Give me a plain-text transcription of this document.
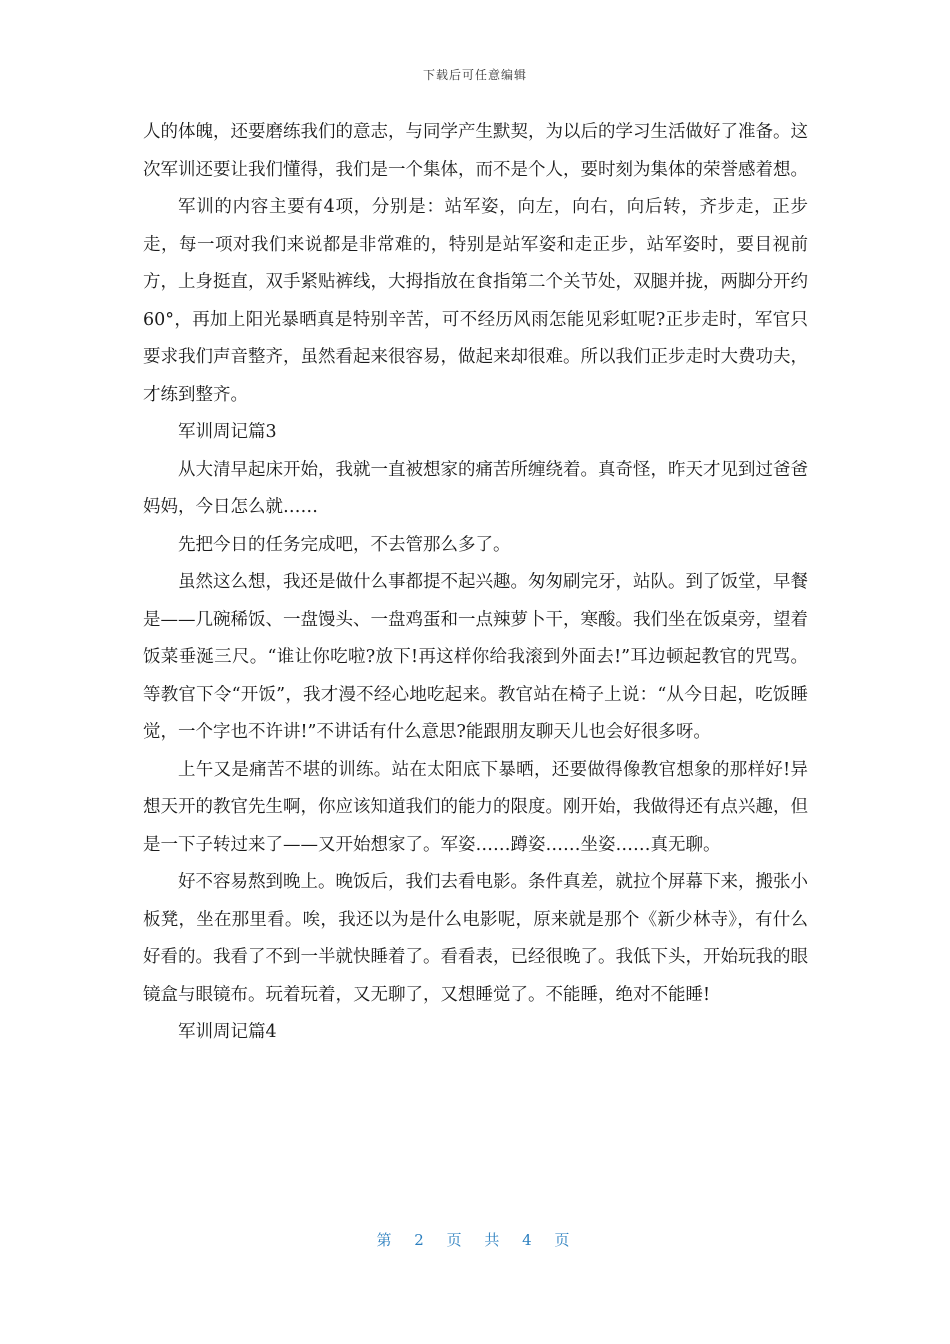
下载后可任意编辑

人的体魄，还要磨练我们的意志，与同学产生默契，为以后的学习生活做好了准备。这次军训还要让我们懂得，我们是一个集体，而不是个人，要时刻为集体的荣誉感着想。

军训的内容主要有4项，分别是：站军姿，向左，向右，向后转，齐步走，正步走，每一项对我们来说都是非常难的，特别是站军姿和走正步，站军姿时，要目视前方，上身挺直，双手紧贴裤线，大拇指放在食指第二个关节处，双腿并拢，两脚分开约60°，再加上阳光暴晒真是特别辛苦，可不经历风雨怎能见彩虹呢?正步走时，军官只要求我们声音整齐，虽然看起来很容易，做起来却很难。所以我们正步走时大费功夫，才练到整齐。

军训周记篇3

从大清早起床开始，我就一直被想家的痛苦所缠绕着。真奇怪，昨天才见到过爸爸妈妈，今日怎么就……

先把今日的任务完成吧，不去管那么多了。

虽然这么想，我还是做什么事都提不起兴趣。匆匆刷完牙，站队。到了饭堂，早餐是——几碗稀饭、一盘馒头、一盘鸡蛋和一点辣萝卜干，寒酸。我们坐在饭桌旁，望着饭菜垂涎三尺。“谁让你吃啦?放下!再这样你给我滚到外面去!”耳边顿起教官的咒骂。等教官下令“开饭”，我才漫不经心地吃起来。教官站在椅子上说：“从今日起，吃饭睡觉，一个字也不许讲!”不讲话有什么意思?能跟朋友聊天儿也会好很多呀。

上午又是痛苦不堪的训练。站在太阳底下暴晒，还要做得像教官想象的那样好!异想天开的教官先生啊，你应该知道我们的能力的限度。刚开始，我做得还有点兴趣，但是一下子转过来了——又开始想家了。军姿……蹲姿……坐姿……真无聊。

好不容易熬到晚上。晚饭后，我们去看电影。条件真差，就拉个屏幕下来，搬张小板凳，坐在那里看。唉，我还以为是什么电影呢，原来就是那个《新少林寺》，有什么好看的。我看了不到一半就快睡着了。看看表，已经很晚了。我低下头，开始玩我的眼镜盒与眼镜布。玩着玩着，又无聊了，又想睡觉了。不能睡，绝对不能睡!

军训周记篇4

第 2 页 共 4 页
